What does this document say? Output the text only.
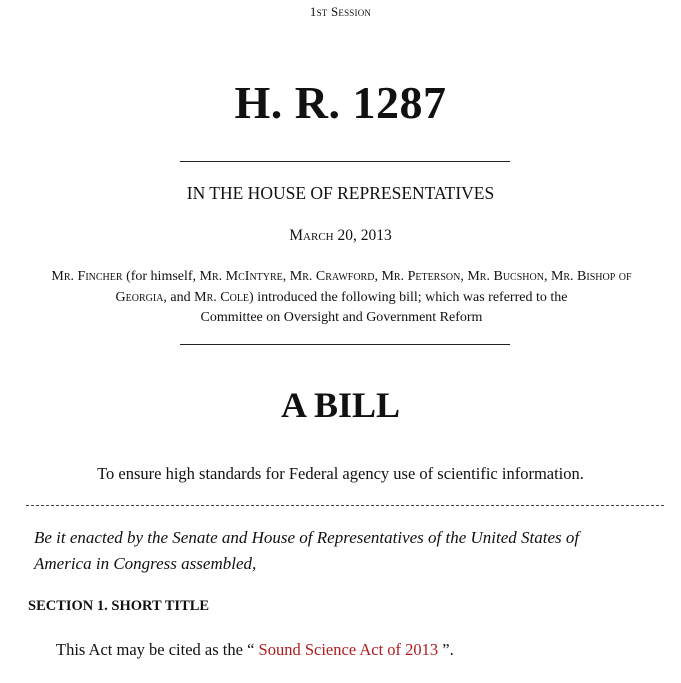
1st Session
H. R. 1287
IN THE HOUSE OF REPRESENTATIVES
March 20, 2013
Mr. Fincher (for himself, Mr. McIntyre, Mr. Crawford, Mr. Peterson, Mr. Bucshon, Mr. Bishop of Georgia, and Mr. Cole) introduced the following bill; which was referred to the
Committee on Oversight and Government Reform
A BILL
To ensure high standards for Federal agency use of scientific information.
Be it enacted by the Senate and House of Representatives of the United States of
America in Congress assembled,
SECTION 1. SHORT TITLE
This Act may be cited as the “ Sound Science Act of 2013 ”.
